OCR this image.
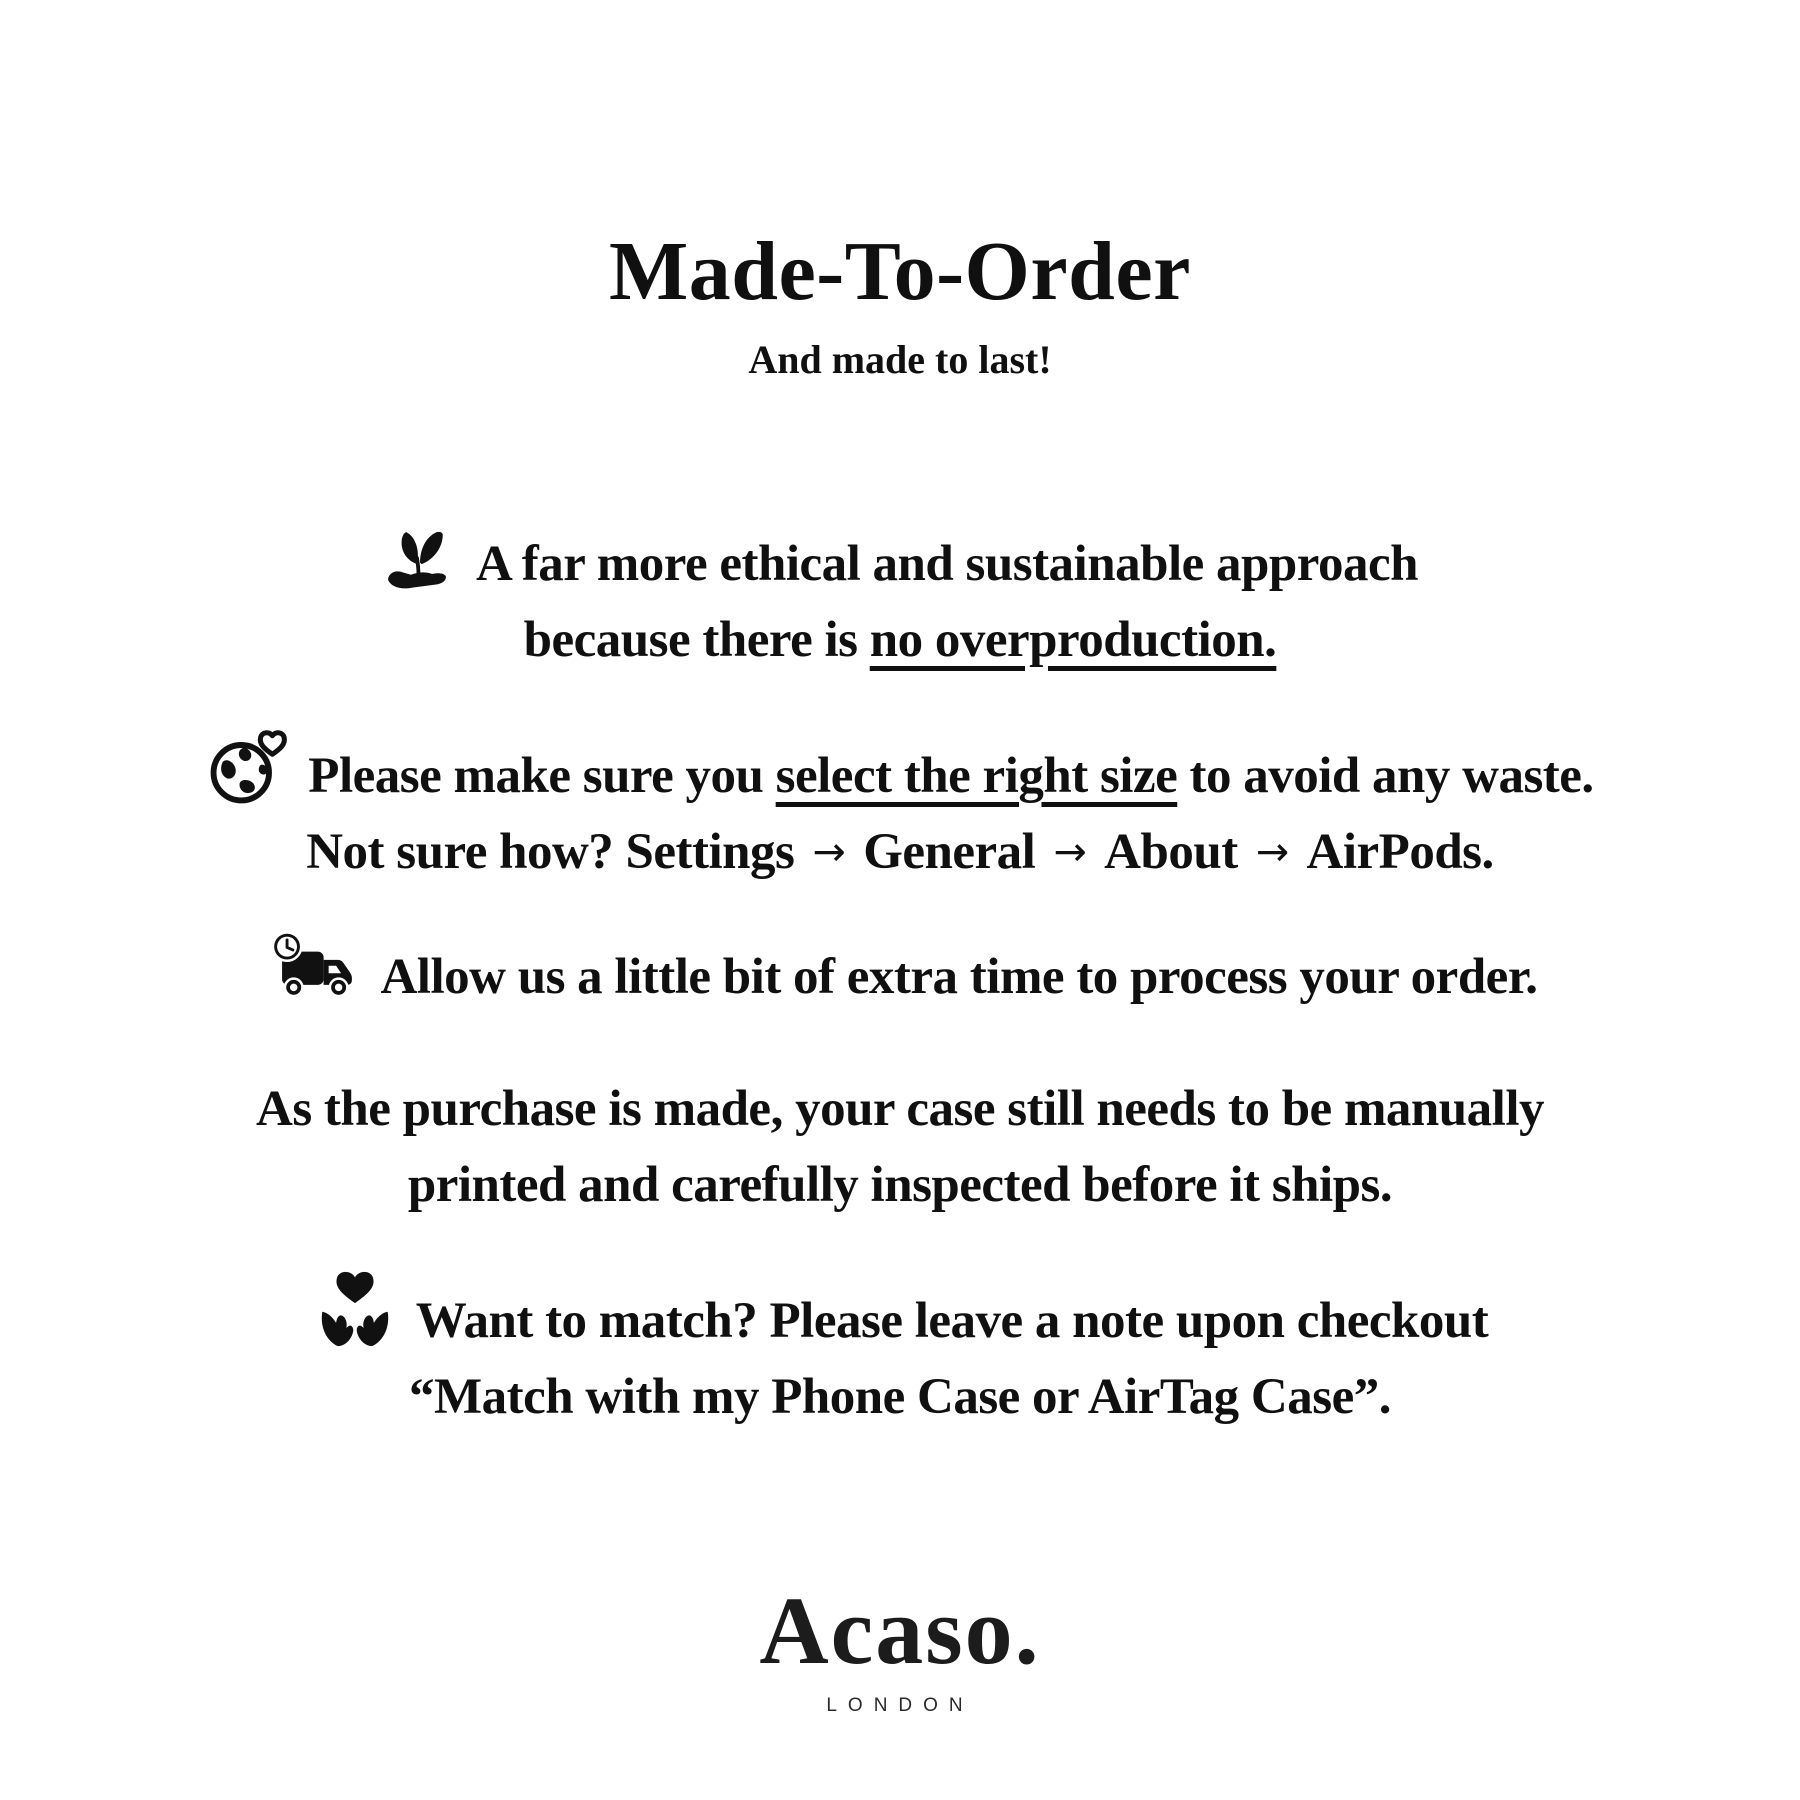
Made-To-Order
And made to last!

A far more ethical and sustainable approach

because there is no overproduction.

Please make sure you select the right size to avoid any waste.

Not sure how? Settings → General → About → AirPods.

Allow us a little bit of extra time to process your order.

As the purchase is made, your case still needs to be manually

printed and carefully inspected before it ships.

Want to match? Please leave a note upon checkout

“Match with my Phone Case or AirTag Case”.

Acaso.
LONDON
